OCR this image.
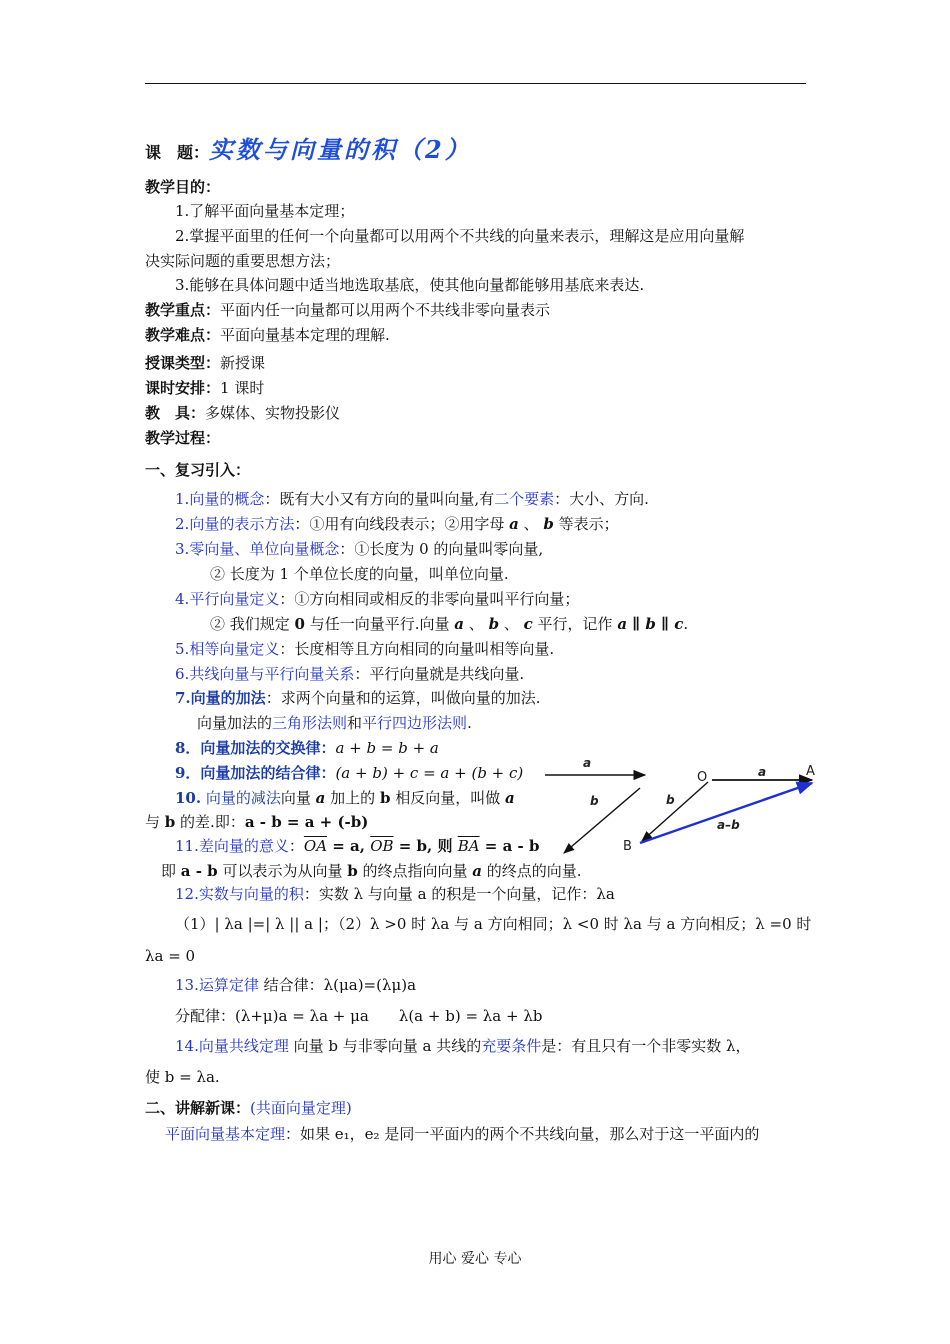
课　题：实数与向量的积（2）
教学目的：
1.了解平面向量基本定理；
2.掌握平面里的任何一个向量都可以用两个不共线的向量来表示，理解这是应用向量解
决实际问题的重要思想方法；
3.能够在具体问题中适当地选取基底，使其他向量都能够用基底来表达.
教学重点：平面内任一向量都可以用两个不共线非零向量表示
教学难点：平面向量基本定理的理解.
授课类型：新授课
课时安排：1 课时
教　具：多媒体、实物投影仪
教学过程：
一、复习引入：
1.向量的概念：既有大小又有方向的量叫向量,有二个要素：大小、方向.
2.向量的表示方法：①用有向线段表示；②用字母 a 、 b 等表示；
3.零向量、单位向量概念：①长度为 0 的向量叫零向量,
② 长度为 1 个单位长度的向量，叫单位向量.
4.平行向量定义：①方向相同或相反的非零向量叫平行向量；
② 我们规定 0 与任一向量平行.向量 a 、 b 、 c 平行，记作 a ∥ b ∥ c.
5.相等向量定义：长度相等且方向相同的向量叫相等向量.
6.共线向量与平行向量关系：平行向量就是共线向量.
7.向量的加法：求两个向量和的运算，叫做向量的加法.
向量加法的三角形法则和平行四边形法则.
8．向量加法的交换律：a + b = b + a
9．向量加法的结合律：(a + b) + c = a + (b + c)
10. 向量的减法向量 a 加上的 b 相反向量，叫做 a
与 b 的差.即：a - b = a + (-b)
11.差向量的意义：$\overline{OA} = a$, $\overline{OB} = b$, 则 $\overline{BA} = a - b$
即 a - b 可以表示为从向量 b 的终点指向向量 a 的终点的向量.
12.实数与向量的积：实数 λ 与向量 a 的积是一个向量，记作：λa
（1）| λa |=| λ || a |；（2）λ >0 时 λa 与 a 方向相同；λ <0 时 λa 与 a 方向相反；λ =0 时
λa = 0
13.运算定律 结合律：λ(μa)=(λμ)a
分配律：(λ+μ)a = λa + μa　　λ(a + b) = λa + λb
14.向量共线定理 向量 b 与非零向量 a 共线的充要条件是：有且只有一个非零实数 λ，
使 b = λa.
二、讲解新课：(共面向量定理)
平面向量基本定理：如果 e₁，e₂ 是同一平面内的两个不共线向量，那么对于这一平面内的
a
b
O	A
a
b
B
a–b
用心 爱心 专心
